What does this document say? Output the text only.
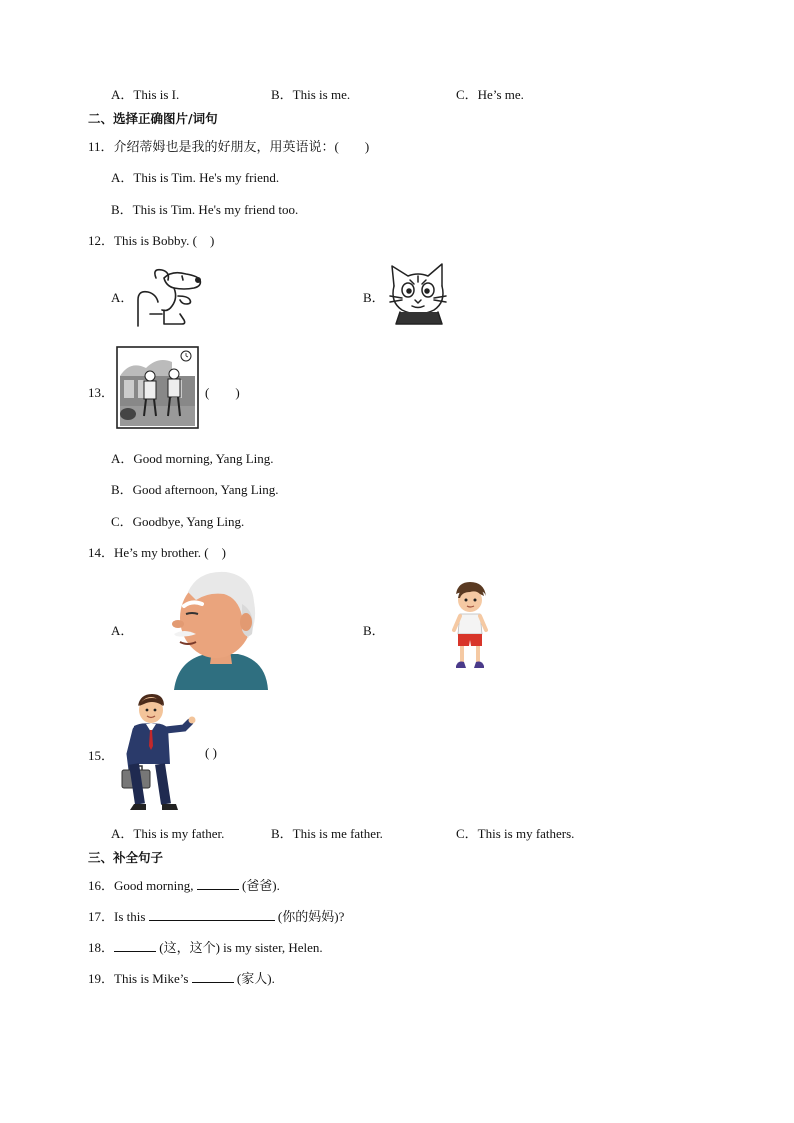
A．This is I.	B．This is me.	C．He’s me.
二、选择正确图片/词句
11．介绍蒂姆也是我的好朋友，用英语说：(　　)
A．This is Tim. He's my friend.
B．This is Tim. He's my friend too.
12．This is Bobby. (　)
A．	B．
13．	(　　)
A．Good morning, Yang Ling.
B．Good afternoon, Yang Ling.
C．Goodbye, Yang Ling.
14．He’s my brother. (　)
A．	B．
15．	( )
A．This is my father.	B．This is me father.	C．This is my fathers.
三、补全句子
16．Good morning,	(爸爸).
17．Is this	(你的妈妈)?
18．	(这，这个) is my sister, Helen.
19．This is Mike’s	(家人).
